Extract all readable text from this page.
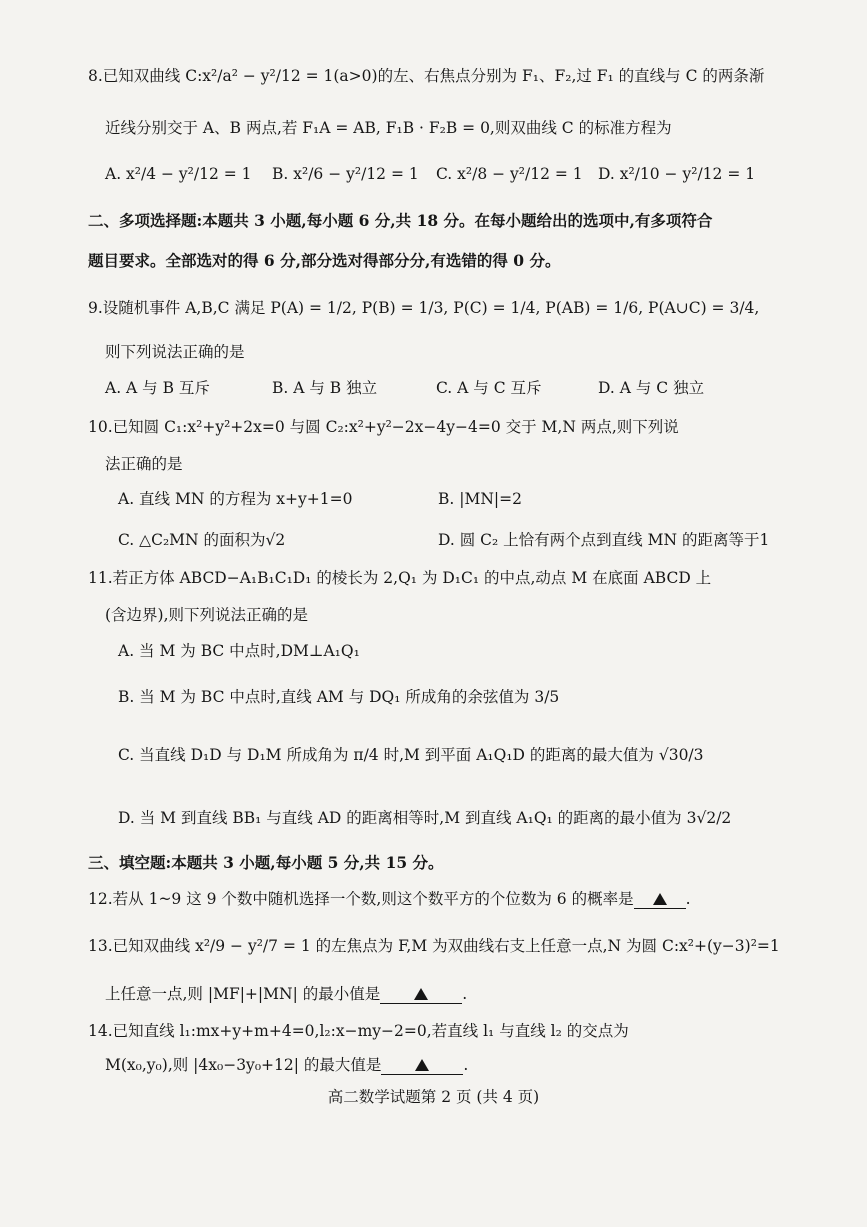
8.已知双曲线 C:x²/a² − y²/12 = 1(a>0)的左、右焦点分别为 F₁、F₂,过 F₁ 的直线与 C 的两条渐
近线分别交于 A、B 两点,若 F₁A = AB, F₁B · F₂B = 0,则双曲线 C 的标准方程为
A. x²/4 − y²/12 = 1 B. x²/6 − y²/12 = 1 C. x²/8 − y²/12 = 1 D. x²/10 − y²/12 = 1
二、多项选择题:本题共 3 小题,每小题 6 分,共 18 分。在每小题给出的选项中,有多项符合
题目要求。全部选对的得 6 分,部分选对得部分分,有选错的得 0 分。
9.设随机事件 A,B,C 满足 P(A) = 1/2, P(B) = 1/3, P(C) = 1/4, P(AB) = 1/6, P(A∪C) = 3/4,
则下列说法正确的是
A. A 与 B 互斥	B. A 与 B 独立	C. A 与 C 互斥	D. A 与 C 独立
10.已知圆 C₁:x²+y²+2x=0 与圆 C₂:x²+y²−2x−4y−4=0 交于 M,N 两点,则下列说
法正确的是
A. 直线 MN 的方程为 x+y+1=0	B. |MN|=2
C. △C₂MN 的面积为√2	D. 圆 C₂ 上恰有两个点到直线 MN 的距离等于1
11.若正方体 ABCD−A₁B₁C₁D₁ 的棱长为 2,Q₁ 为 D₁C₁ 的中点,动点 M 在底面 ABCD 上
(含边界),则下列说法正确的是
A. 当 M 为 BC 中点时,DM⊥A₁Q₁
B. 当 M 为 BC 中点时,直线 AM 与 DQ₁ 所成角的余弦值为 3/5
C. 当直线 D₁D 与 D₁M 所成角为 π/4 时,M 到平面 A₁Q₁D 的距离的最大值为 √30/3
D. 当 M 到直线 BB₁ 与直线 AD 的距离相等时,M 到直线 A₁Q₁ 的距离的最小值为 3√2/2
三、填空题:本题共 3 小题,每小题 5 分,共 15 分。
12.若从 1~9 这 9 个数中随机选择一个数,则这个数平方的个位数为 6 的概率是	.
13.已知双曲线 x²/9 − y²/7 = 1 的左焦点为 F,M 为双曲线右支上任意一点,N 为圆 C:x²+(y−3)²=1
上任意一点,则 |MF|+|MN| 的最小值是	.
14.已知直线 l₁:mx+y+m+4=0,l₂:x−my−2=0,若直线 l₁ 与直线 l₂ 的交点为
M(x₀,y₀),则 |4x₀−3y₀+12| 的最大值是	.
高二数学试题第 2 页 (共 4 页)
